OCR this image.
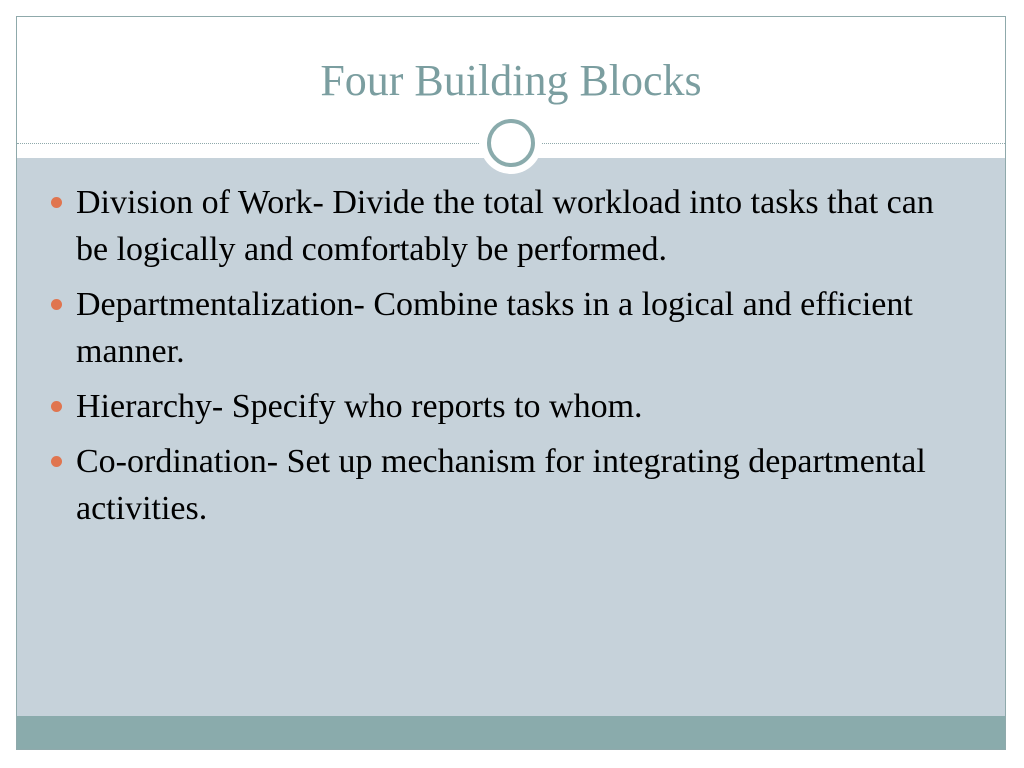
Four Building Blocks
Division of Work- Divide the total workload into tasks that can be logically and comfortably be performed.
Departmentalization- Combine tasks in a logical and efficient manner.
Hierarchy- Specify who reports to whom.
Co-ordination- Set up mechanism for integrating departmental activities.
